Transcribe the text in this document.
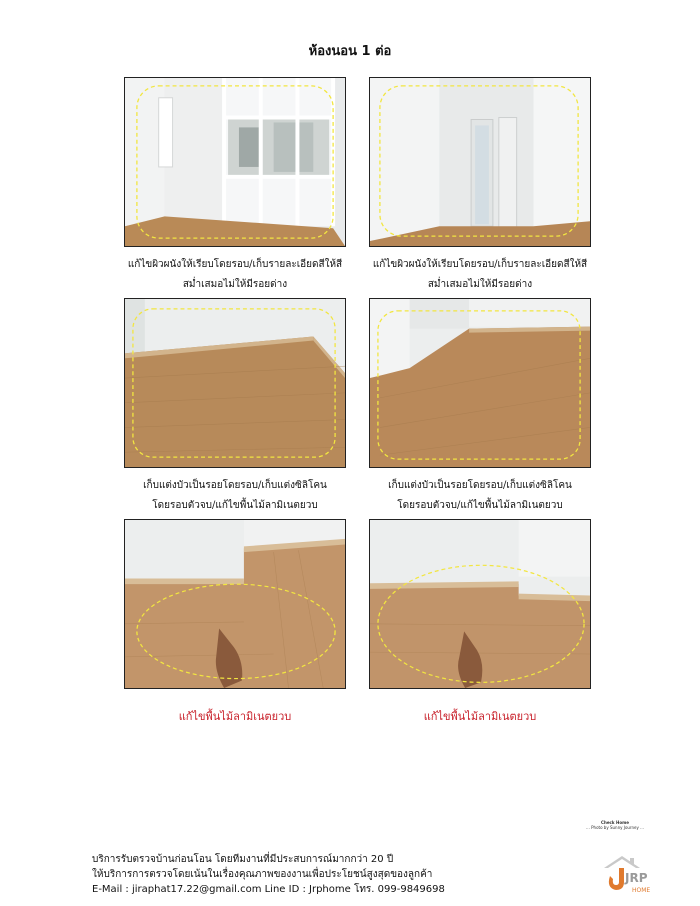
ห้องนอน 1 ต่อ
แก้ไขผิวผนังให้เรียบโดยรอบ/เก็บรายละเอียดสีให้สี
สม่ำเสมอไม่ให้มีรอยด่าง
แก้ไขผิวผนังให้เรียบโดยรอบ/เก็บรายละเอียดสีให้สี
สม่ำเสมอไม่ให้มีรอยด่าง
เก็บแต่งบัวเป็นรอยโดยรอบ/เก็บแต่งซิลิโคน
โดยรอบตัวจบ/แก้ไขพื้นไม้ลามิเนตยวบ
เก็บแต่งบัวเป็นรอยโดยรอบ/เก็บแต่งซิลิโคน
โดยรอบตัวจบ/แก้ไขพื้นไม้ลามิเนตยวบ
แก้ไขพื้นไม้ลามิเนตยวบ	แก้ไขพื้นไม้ลามิเนตยวบ
Check Home
... Photo by Sunny Journey ...
บริการรับตรวจบ้านก่อนโอน โดยทีมงานที่มีประสบการณ์มากกว่า 20 ปี
ให้บริการการตรวจโดยเน้นในเรื่องคุณภาพของงานเพื่อประโยชน์สูงสุดของลูกค้า
E-Mail : jiraphat17.22@gmail.com Line ID : Jrphome โทร. 099-9849698
JRP
HOME
